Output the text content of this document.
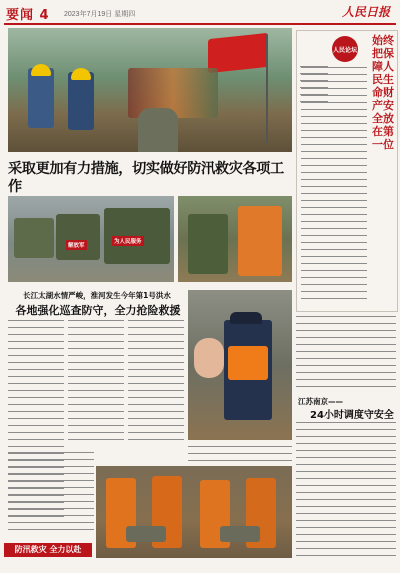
要闻 4 2023年7月19日 星期四	人民日报
人民论坛
始终把保障人民生命财产安全放在第一位
采取更加有力措施，切实做好防汛救灾各项工作
为人民服务
解放军
长江太湖水情严峻，淮河发生今年第1号洪水
各地强化巡查防守，全力抢险救援
江苏南京——
24小时调度守安全
防汛救灾 全力以赴
